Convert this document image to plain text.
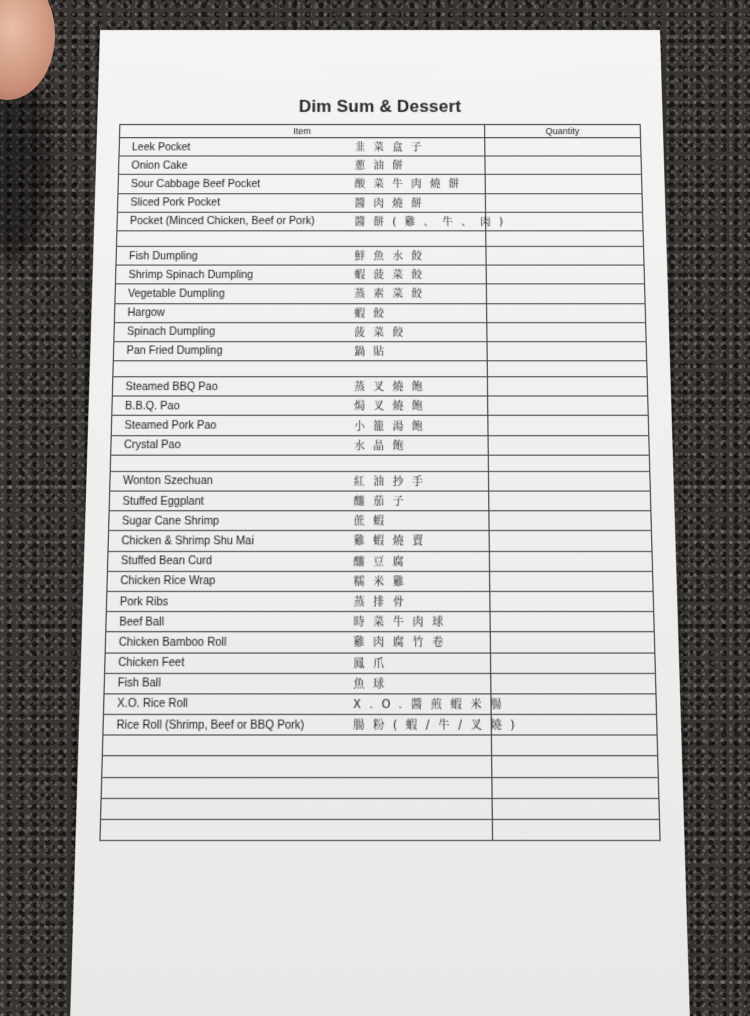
Dim Sum & Dessert
Item	Quantity

Leek Pocket 韭菜盒子	

Onion Cake 蔥油餅	

Sour Cabbage Beef Pocket 酸菜牛肉燒餅	

Sliced Pork Pocket 醬肉燒餅	

Pocket (Minced Chicken, Beef or Pork) 醬餅(雞、牛、肉)	

Fish Dumpling 鮮魚水餃	

Shrimp Spinach Dumpling 蝦菠菜餃	

Vegetable Dumpling 蒸素菜餃	

Hargow 蝦餃	

Spinach Dumpling 菠菜餃	

Pan Fried Dumpling 鍋貼	

Steamed BBQ Pao 蒸叉燒飽	

B.B.Q. Pao 焗叉燒飽	

Steamed Pork Pao 小籠湯飽	

Crystal Pao 水晶飽	

Wonton Szechuan 紅油抄手	

Stuffed Eggplant 釀茄子	

Sugar Cane Shrimp 蔗蝦	

Chicken & Shrimp Shu Mai 雞蝦燒賣	

Stuffed Bean Curd 釀豆腐	

Chicken Rice Wrap 糯米雞	

Pork Ribs 蒸排骨	

Beef Ball 時菜牛肉球	

Chicken Bamboo Roll 雞肉腐竹卷	

Chicken Feet 鳳爪	

Fish Ball 魚球	

X.O. Rice Roll X.O.醬煎蝦米腸	

Rice Roll (Shrimp, Beef or BBQ Pork) 腸粉(蝦/牛/叉燒)	
